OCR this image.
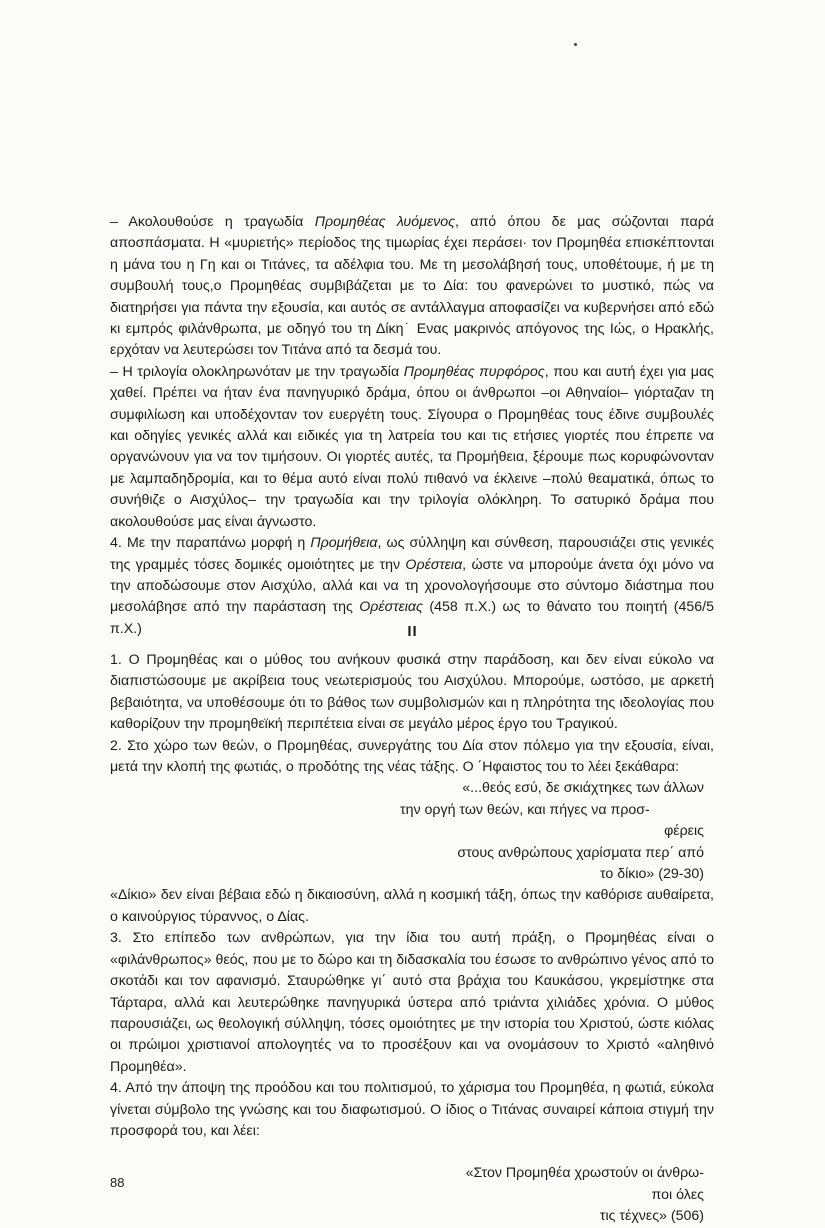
– Ακολουθούσε η τραγωδία Προμηθέας λυόμενος, από όπου δε μας σώζονται παρά αποσπάσματα. Η «μυριετής» περίοδος της τιμωρίας έχει περάσει· τον Προμηθέα επισκέπτονται η μάνα του η Γη και οι Τιτάνες, τα αδέλφια του. Με τη μεσολάβησή τους, υποθέτουμε, ή με τη συμβουλή τους,ο Προμηθέας συμβιβάζεται με το Δία: του φανερώνει το μυστικό, πώς να διατηρήσει για πάντα την εξουσία, και αυτός σε αντάλλαγμα αποφασίζει να κυβερνήσει από εδώ κι εμπρός φιλάνθρωπα, με οδηγό του τη Δίκη˙ Ενας μακρινός απόγονος της Ιώς, ο Ηρακλής, ερχόταν να λευτερώσει τον Τιτάνα από τα δεσμά του.

– Η τριλογία ολοκληρωνόταν με την τραγωδία Προμηθέας πυρφόρος, που και αυτή έχει για μας χαθεί. Πρέπει να ήταν ένα πανηγυρικό δράμα, όπου οι άνθρωποι –οι Αθηναίοι– γιόρταζαν τη συμφιλίωση και υποδέχονταν τον ευεργέτη τους. Σίγουρα ο Προμηθέας τους έδινε συμβουλές και οδηγίες γενικές αλλά και ειδικές για τη λατρεία του και τις ετήσιες γιορτές που έπρεπε να οργανώνουν για να τον τιμήσουν. Οι γιορτές αυτές, τα Προμήθεια, ξέρουμε πως κορυφώνονταν με λαμπαδηδρομία, και το θέμα αυτό είναι πολύ πιθανό να έκλεινε –πολύ θεαματικά, όπως το συνήθιζε ο Αισχύλος– την τραγωδία και την τριλογία ολόκληρη. Το σατυρικό δράμα που ακολουθούσε μας είναι άγνωστο.

4. Με την παραπάνω μορφή η Προμήθεια, ως σύλληψη και σύνθεση, παρουσιάζει στις γενικές της γραμμές τόσες δομικές ομοιότητες με την Ορέστεια, ώστε να μπορούμε άνετα όχι μόνο να την αποδώσουμε στον Αισχύλο, αλλά και να τη χρονολογήσουμε στο σύντομο διάστημα που μεσολάβησε από την παράσταση της Ορέστειας (458 π.Χ.) ως το θάνατο του ποιητή (456/5 π.Χ.)	II

1. Ο Προμηθέας και ο μύθος του ανήκουν φυσικά στην παράδοση, και δεν είναι εύκολο να διαπιστώσουμε με ακρίβεια τους νεωτερισμούς του Αισχύλου. Μπορούμε, ωστόσο, με αρκετή βεβαιότητα, να υποθέσουμε ότι το βάθος των συμβολισμών και η πληρότητα της ιδεολογίας που καθορίζουν την προμηθεϊκή περιπέτεια είναι σε μεγάλο μέρος έργο του Τραγικού.

2. Στο χώρο των θεών, ο Προμηθέας, συνεργάτης του Δία στον πόλεμο για την εξουσία, είναι, μετά την κλοπή της φωτιάς, ο προδότης της νέας τάξης. Ο ΄Ηφαιστος του το λέει ξεκάθαρα:

«...θεός εσύ, δε σκιάχτηκες των άλλων

την οργή των θεών, και πήγες να προσ-

φέρεις

στους ανθρώπους χαρίσματα περ΄ από

το δίκιο» (29-30)

«Δίκιο» δεν είναι βέβαια εδώ η δικαιοσύνη, αλλά η κοσμική τάξη, όπως την καθόρισε αυθαίρετα, ο καινούργιος τύραννος, ο Δίας.

3. Στο επίπεδο των ανθρώπων, για την ίδια του αυτή πράξη, ο Προμηθέας είναι ο «φιλάνθρωπος» θεός, που με το δώρο και τη διδασκαλία του έσωσε το ανθρώπινο γένος από το σκοτάδι και τον αφανισμό. Σταυρώθηκε γι΄ αυτό στα βράχια του Καυκάσου, γκρεμίστηκε στα Τάρταρα, αλλά και λευτερώθηκε πανηγυρικά ύστερα από τριάντα χιλιάδες χρόνια. Ο μύθος παρουσιάζει, ως θεολογική σύλληψη, τόσες ομοιότητες με την ιστορία του Χριστού, ώστε κιόλας οι πρώιμοι χριστιανοί απολογητές να το προσέξουν και να ονομάσουν το Χριστό «αληθινό Προμηθέα».

4. Από την άποψη της προόδου και του πολιτισμού, το χάρισμα του Προμηθέα, η φωτιά, εύκολα γίνεται σύμβολο της γνώσης και του διαφωτισμού. Ο ίδιος ο Τιτάνας συναιρεί κάποια στιγμή την προσφορά του, και λέει:

«Στον Προμηθέα χρωστούν οι άνθρω-

ποι όλες

τις τέχνες» (506)

88
